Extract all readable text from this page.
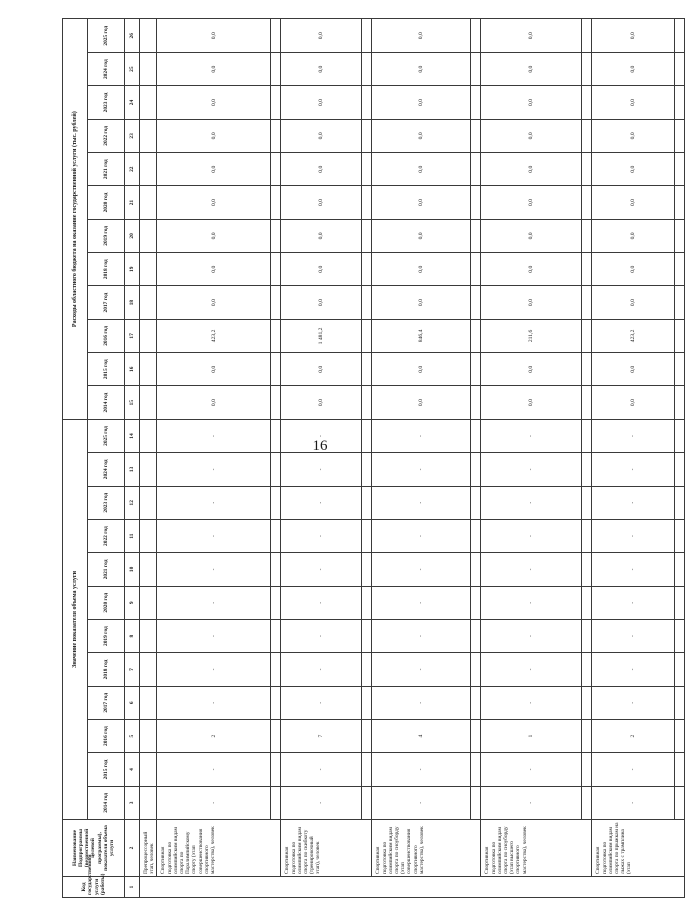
16
Код государственной услуги (работы)	Наименование Подпрограммы (ведомственной целевой программы), показателя объема услуги	Значение показателя объема услуги												Расходы областного бюджета на оказание государственной услуги (тыс. рублей)											
		2014 год	2015 год	2016 год	2017 год	2018 год	2019 год	2020 год	2021 год	2022 год	2023 год	2024 год	2025 год	2014 год	2015 год	2016 год	2017 год	2018 год	2019 год	2020 год	2021 год	2022 год	2023 год	2024 год	2025 год
1	2	3	4	5	6	7	8	9	10	11	12	13	14	15	16	17	18	19	20	21	22	23	24	25	26
	Препроцессорный этап, человек																								
	Спортивная подготовка по олимпийским видам спорта по Паралимпийскому спорту (этап совершенствования спортивного мастерства), человек	-	-	2	-	-	-	-	-	-	-	-	-	0,0	0,0	423,2	0,0	0,0	0,0	0,0	0,0	0,0	0,0	0,0	0,0

	Спортивная подготовка по олимпийским видам спорта по скибкоту (тренировочный этап), человек	-	-	7	-	-	-	-	-	-	-	-	-	0,0	0,0	1 481,2	0,0	0,0	0,0	0,0	0,0	0,0	0,0	0,0	0,0

	Спортивная подготовка по олимпийским видам спорта по сноуборду (этап совершенствования спортивного мастерства), человек	-	-	4	-	-	-	-	-	-	-	-	-	0,0	0,0	846,4	0,0	0,0	0,0	0,0	0,0	0,0	0,0	0,0	0,0

	Спортивная подготовка по олимпийским видам спорта по сноуборду (этап высшего спортивного мастерства), человек	-	-	1	-	-	-	-	-	-	-	-	-	0,0	0,0	211,6	0,0	0,0	0,0	0,0	0,0	0,0	0,0	0,0	0,0

	Спортивная подготовка по олимпийским видам спорта по прыжкам на лыжах с трамплина (этап	-	-	2	-	-	-	-	-	-	-	-	-	0,0	0,0	423,2	0,0	0,0	0,0	0,0	0,0	0,0	0,0	0,0	0,0
